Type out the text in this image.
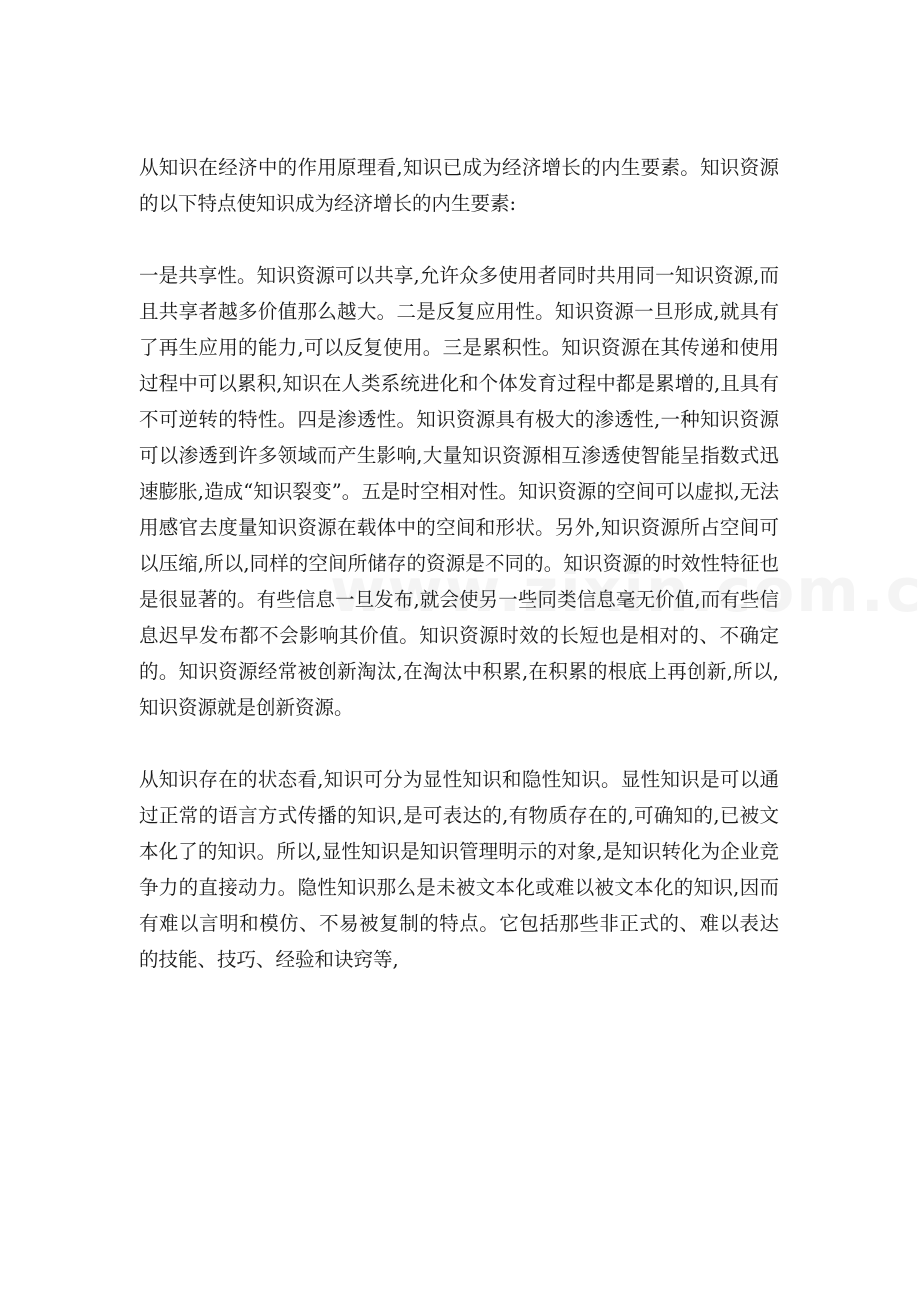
从知识在经济中的作用原理看,知识已成为经济增长的内生要素。知识资源的以下特点使知识成为经济增长的内生要素:

一是共享性。知识资源可以共享,允许众多使用者同时共用同一知识资源,而且共享者越多价值那么越大。二是反复应用性。知识资源一旦形成,就具有了再生应用的能力,可以反复使用。三是累积性。知识资源在其传递和使用过程中可以累积,知识在人类系统进化和个体发育过程中都是累增的,且具有不可逆转的特性。四是渗透性。知识资源具有极大的渗透性,一种知识资源可以渗透到许多领域而产生影响,大量知识资源相互渗透使智能呈指数式迅速膨胀,造成“知识裂变”。五是时空相对性。知识资源的空间可以虚拟,无法用感官去度量知识资源在载体中的空间和形状。另外,知识资源所占空间可以压缩,所以,同样的空间所储存的资源是不同的。知识资源的时效性特征也是很显著的。有些信息一旦发布,就会使另一些同类信息毫无价值,而有些信息迟早发布都不会影响其价值。知识资源时效的长短也是相对的、不确定的。知识资源经常被创新淘汰,在淘汰中积累,在积累的根底上再创新,所以,知识资源就是创新资源。

从知识存在的状态看,知识可分为显性知识和隐性知识。显性知识是可以通过正常的语言方式传播的知识,是可表达的,有物质存在的,可确知的,已被文本化了的知识。所以,显性知识是知识管理明示的对象,是知识转化为企业竞争力的直接动力。隐性知识那么是未被文本化或难以被文本化的知识,因而有难以言明和模仿、不易被复制的特点。它包括那些非正式的、难以表达的技能、技巧、经验和诀窍等,
